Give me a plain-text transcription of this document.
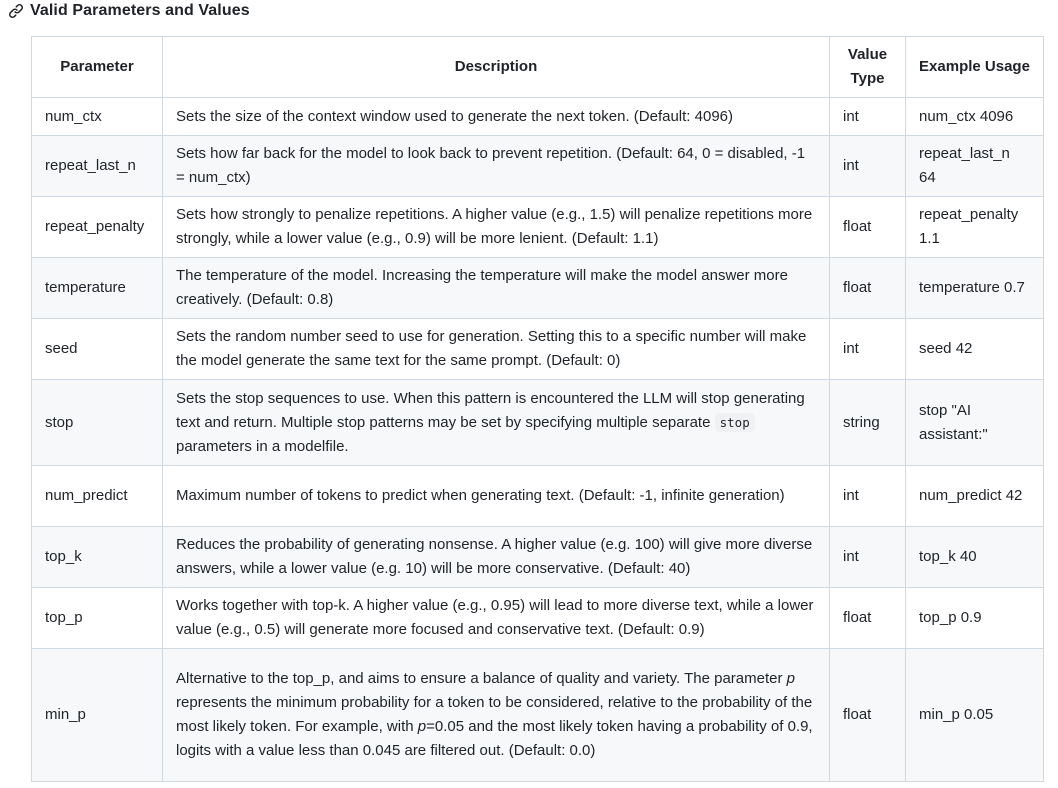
Valid Parameters and Values
Parameter	Description	Value Type	Example Usage
num_ctx	Sets the size of the context window used to generate the next token. (Default: 4096)	int	num_ctx 4096
repeat_last_n	Sets how far back for the model to look back to prevent repetition. (Default: 64, 0 = disabled, -1 = num_ctx)	int	repeat_last_n 64
repeat_penalty	Sets how strongly to penalize repetitions. A higher value (e.g., 1.5) will penalize repetitions more strongly, while a lower value (e.g., 0.9) will be more lenient. (Default: 1.1)	float	repeat_penalty 1.1
temperature	The temperature of the model. Increasing the temperature will make the model answer more creatively. (Default: 0.8)	float	temperature 0.7
seed	Sets the random number seed to use for generation. Setting this to a specific number will make the model generate the same text for the same prompt. (Default: 0)	int	seed 42
stop	Sets the stop sequences to use. When this pattern is encountered the LLM will stop generating text and return. Multiple stop patterns may be set by specifying multiple separate stop parameters in a modelfile.	string	stop "AI assistant:"
num_predict	Maximum number of tokens to predict when generating text. (Default: -1, infinite generation)	int	num_predict 42
top_k	Reduces the probability of generating nonsense. A higher value (e.g. 100) will give more diverse answers, while a lower value (e.g. 10) will be more conservative. (Default: 40)	int	top_k 40
top_p	Works together with top-k. A higher value (e.g., 0.95) will lead to more diverse text, while a lower value (e.g., 0.5) will generate more focused and conservative text. (Default: 0.9)	float	top_p 0.9
min_p	Alternative to the top_p, and aims to ensure a balance of quality and variety. The parameter p represents the minimum probability for a token to be considered, relative to the probability of the most likely token. For example, with p=0.05 and the most likely token having a probability of 0.9, logits with a value less than 0.045 are filtered out. (Default: 0.0)	float	min_p 0.05
